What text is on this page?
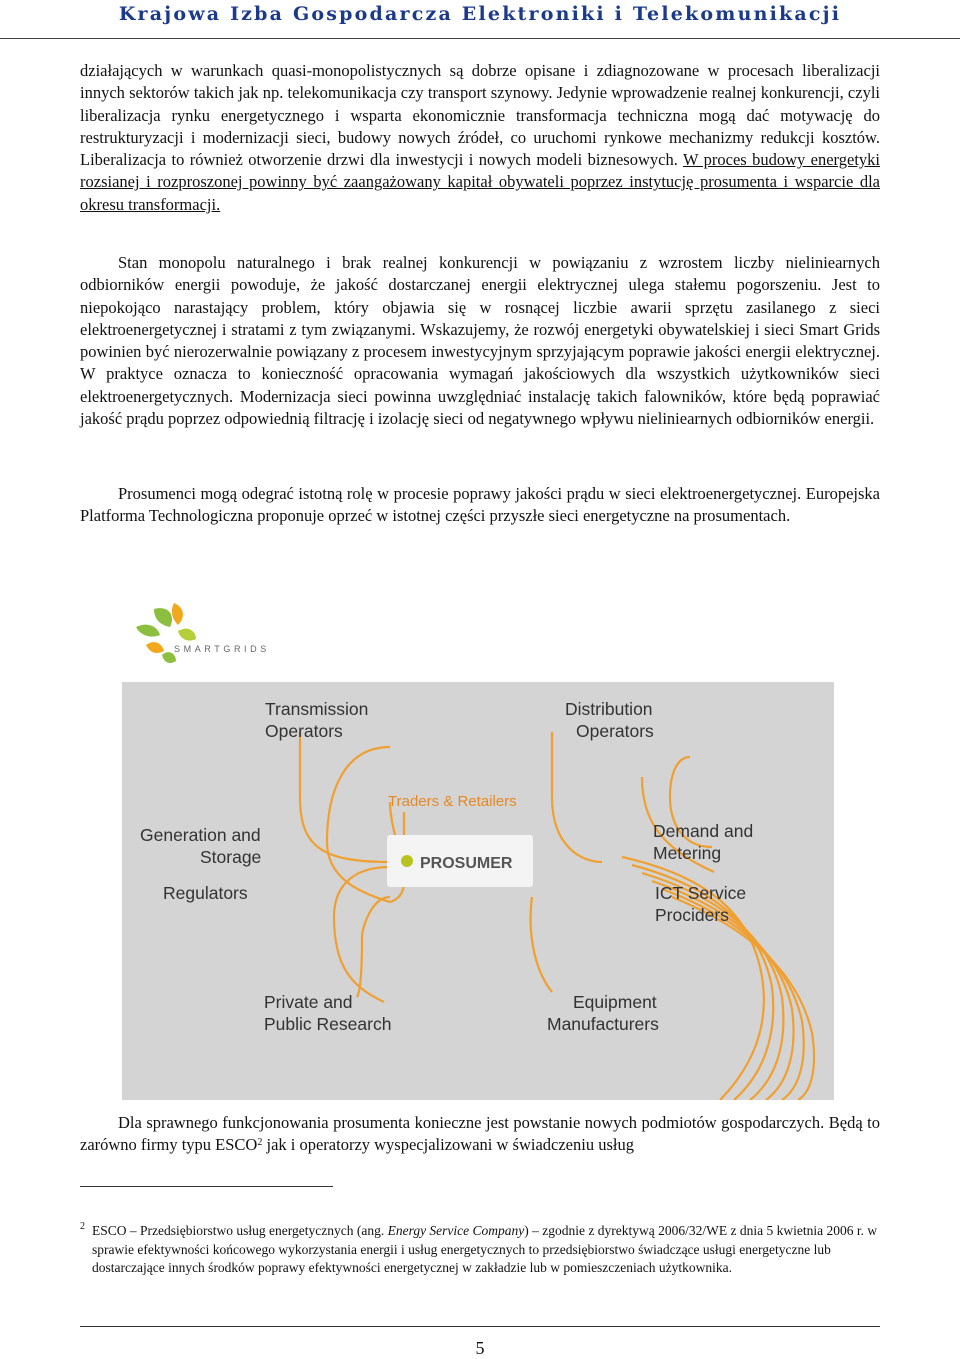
Krajowa Izba Gospodarcza Elektroniki i Telekomunikacji

działających w warunkach quasi-monopolistycznych są dobrze opisane i zdiagnozowane w procesach liberalizacji innych sektorów takich jak np. telekomunikacja czy transport szynowy. Jedynie wprowadzenie realnej konkurencji, czyli liberalizacja rynku energetycznego i wsparta ekonomicznie transformacja techniczna mogą dać motywację do restrukturyzacji i modernizacji sieci, budowy nowych źródeł, co uruchomi rynkowe mechanizmy redukcji kosztów. Liberalizacja to również otworzenie drzwi dla inwestycji i nowych modeli biznesowych. W proces budowy energetyki rozsianej i rozproszonej powinny być zaangażowany kapitał obywateli poprzez instytucję prosumenta i wsparcie dla okresu transformacji.

Stan monopolu naturalnego i brak realnej konkurencji w powiązaniu z wzrostem liczby nieliniearnych odbiorników energii powoduje, że jakość dostarczanej energii elektrycznej ulega stałemu pogorszeniu. Jest to niepokojąco narastający problem, który objawia się w rosnącej liczbie awarii sprzętu zasilanego z sieci elektroenergetycznej i stratami z tym związanymi. Wskazujemy, że rozwój energetyki obywatelskiej i sieci Smart Grids powinien być nierozerwalnie powiązany z procesem inwestycyjnym sprzyjającym poprawie jakości energii elektrycznej. W praktyce oznacza to konieczność opracowania wymagań jakościowych dla wszystkich użytkowników sieci elektroenergetycznych. Modernizacja sieci powinna uwzględniać instalację takich falowników, które będą poprawiać jakość prądu poprzez odpowiednią filtrację i izolację sieci od negatywnego wpływu nieliniearnych odbiorników energii.

Prosumenci mogą odegrać istotną rolę w procesie poprawy jakości prądu w sieci elektroenergetycznej. Europejska Platforma Technologiczna proponuje oprzeć w istotnej części przyszłe sieci energetyczne na prosumentach.

SMARTGRIDS
PROSUMER
Traders & Retailers
Transmission
Operators
Distribution
Operators
Generation and
Storage
Regulators
Demand and
Metering
ICT Service
Prociders
Private and
Public Research
Equipment
Manufacturers

Dla sprawnego funkcjonowania prosumenta konieczne jest powstanie nowych podmiotów gospodarczych. Będą to zarówno firmy typu ESCO$^2$ jak i operatorzy wyspecjalizowani w świadczeniu usług

2 ESCO – Przedsiębiorstwo usług energetycznych (ang. Energy Service Company) – zgodnie z dyrektywą 2006/32/WE z dnia 5 kwietnia 2006 r. w sprawie efektywności końcowego wykorzystania energii i usług energetycznych to przedsiębiorstwo świadczące usługi energetyczne lub dostarczające innych środków poprawy efektywności energetycznej w zakładzie lub w pomieszczeniach użytkownika.
5
